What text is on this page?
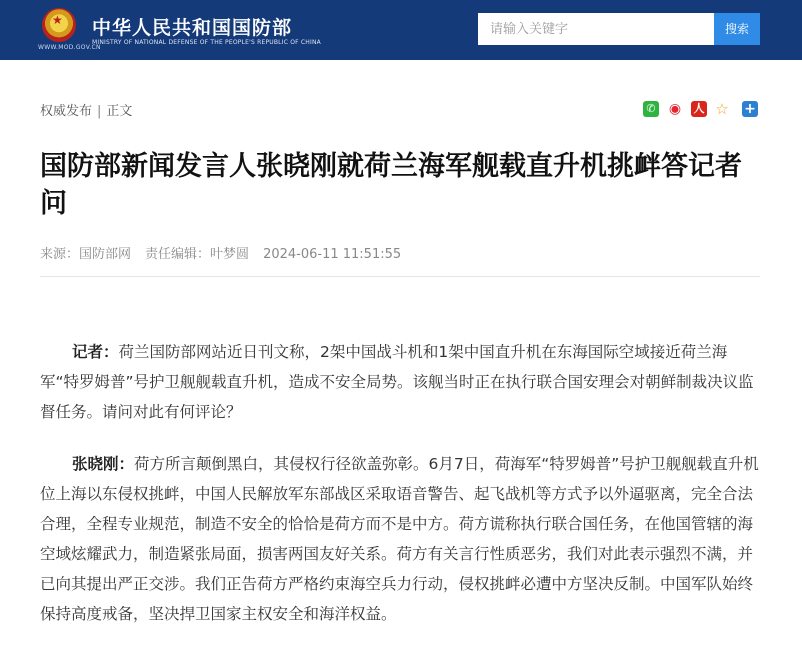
★
WWW.MOD.GOV.CN
中华人民共和国国防部
MINISTRY OF NATIONAL DEFENSE OF THE PEOPLE'S REPUBLIC OF CHINA
请输入关键字
搜索
权威发布 | 正文	✆ ◉ 人 ☆ +
国防部新闻发言人张晓刚就荷兰海军舰载直升机挑衅答记者问
来源：国防部网 责任编辑：叶梦圆 2024-06-11 11:51:55

记者：荷兰国防部网站近日刊文称，2架中国战斗机和1架中国直升机在东海国际空域接近荷兰海军“特罗姆普”号护卫舰舰载直升机，造成不安全局势。该舰当时正在执行联合国安理会对朝鲜制裁决议监督任务。请问对此有何评论？

张晓刚：荷方所言颠倒黑白，其侵权行径欲盖弥彰。6月7日，荷海军“特罗姆普”号护卫舰舰载直升机位上海以东侵权挑衅，中国人民解放军东部战区采取语音警告、起飞战机等方式予以外逼驱离，完全合法合理，全程专业规范，制造不安全的恰恰是荷方而不是中方。荷方谎称执行联合国任务，在他国管辖的海空域炫耀武力，制造紧张局面，损害两国友好关系。荷方有关言行性质恶劣，我们对此表示强烈不满，并已向其提出严正交涉。我们正告荷方严格约束海空兵力行动，侵权挑衅必遭中方坚决反制。中国军队始终保持高度戒备，坚决捍卫国家主权安全和海洋权益。
